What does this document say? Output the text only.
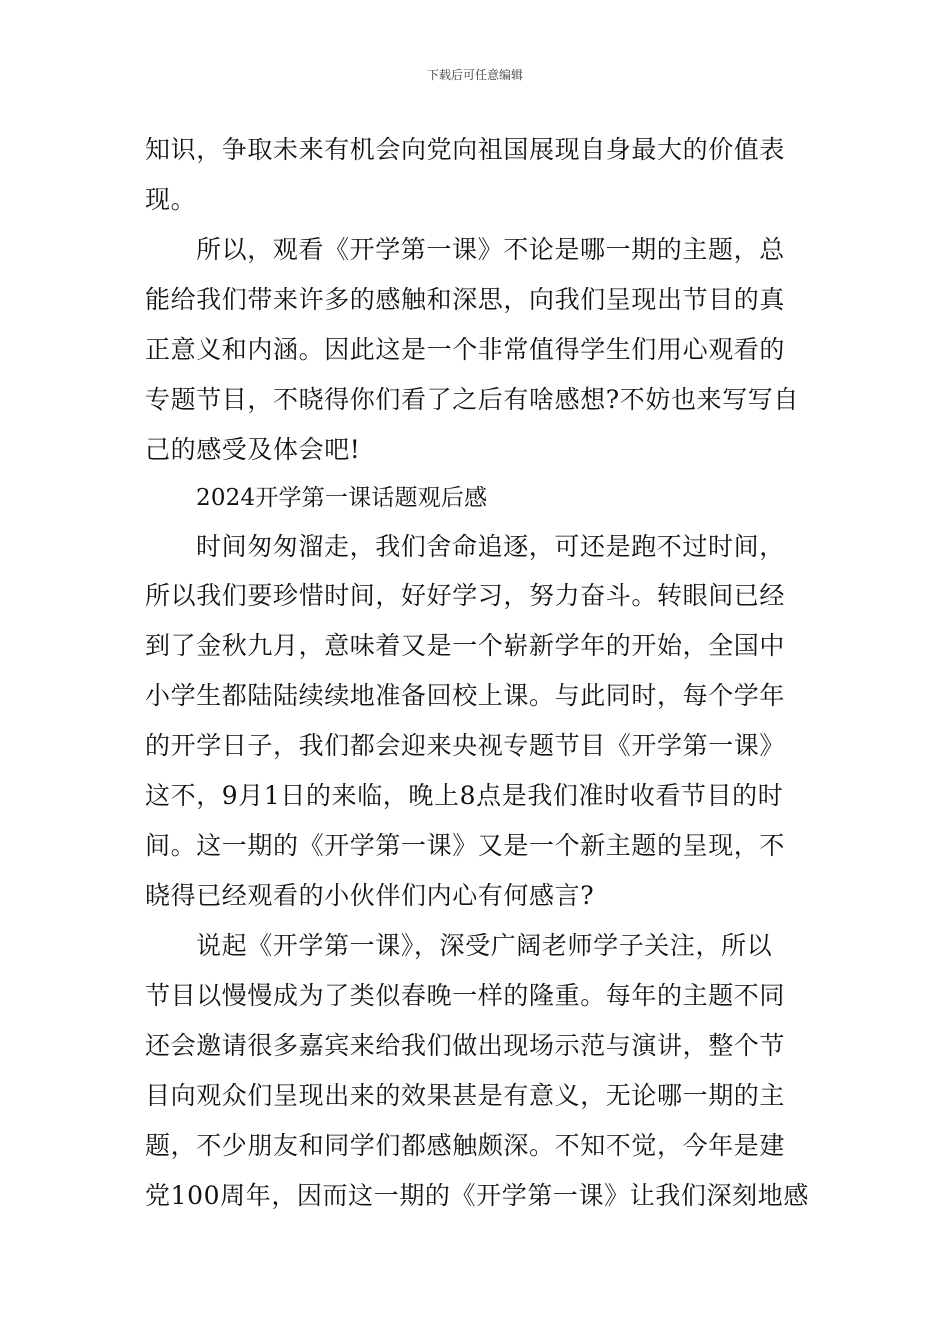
下载后可任意编辑
知识，争取未来有机会向党向祖国展现自身最大的价值表
现。
所以，观看《开学第一课》不论是哪一期的主题，总
能给我们带来许多的感触和深思，向我们呈现出节目的真
正意义和内涵。因此这是一个非常值得学生们用心观看的
专题节目，不晓得你们看了之后有啥感想?不妨也来写写自
己的感受及体会吧!
2024开学第一课话题观后感
时间匆匆溜走，我们舍命追逐，可还是跑不过时间，
所以我们要珍惜时间，好好学习，努力奋斗。转眼间已经
到了金秋九月，意味着又是一个崭新学年的开始，全国中
小学生都陆陆续续地准备回校上课。与此同时，每个学年
的开学日子，我们都会迎来央视专题节目《开学第一课》
这不，9月1日的来临，晚上8点是我们准时收看节目的时
间。这一期的《开学第一课》又是一个新主题的呈现，不
晓得已经观看的小伙伴们内心有何感言?
说起《开学第一课》，深受广阔老师学子关注，所以
节目以慢慢成为了类似春晚一样的隆重。每年的主题不同
还会邀请很多嘉宾来给我们做出现场示范与演讲，整个节
目向观众们呈现出来的效果甚是有意义，无论哪一期的主
题，不少朋友和同学们都感触颇深。不知不觉，今年是建
党100周年，因而这一期的《开学第一课》让我们深刻地感
